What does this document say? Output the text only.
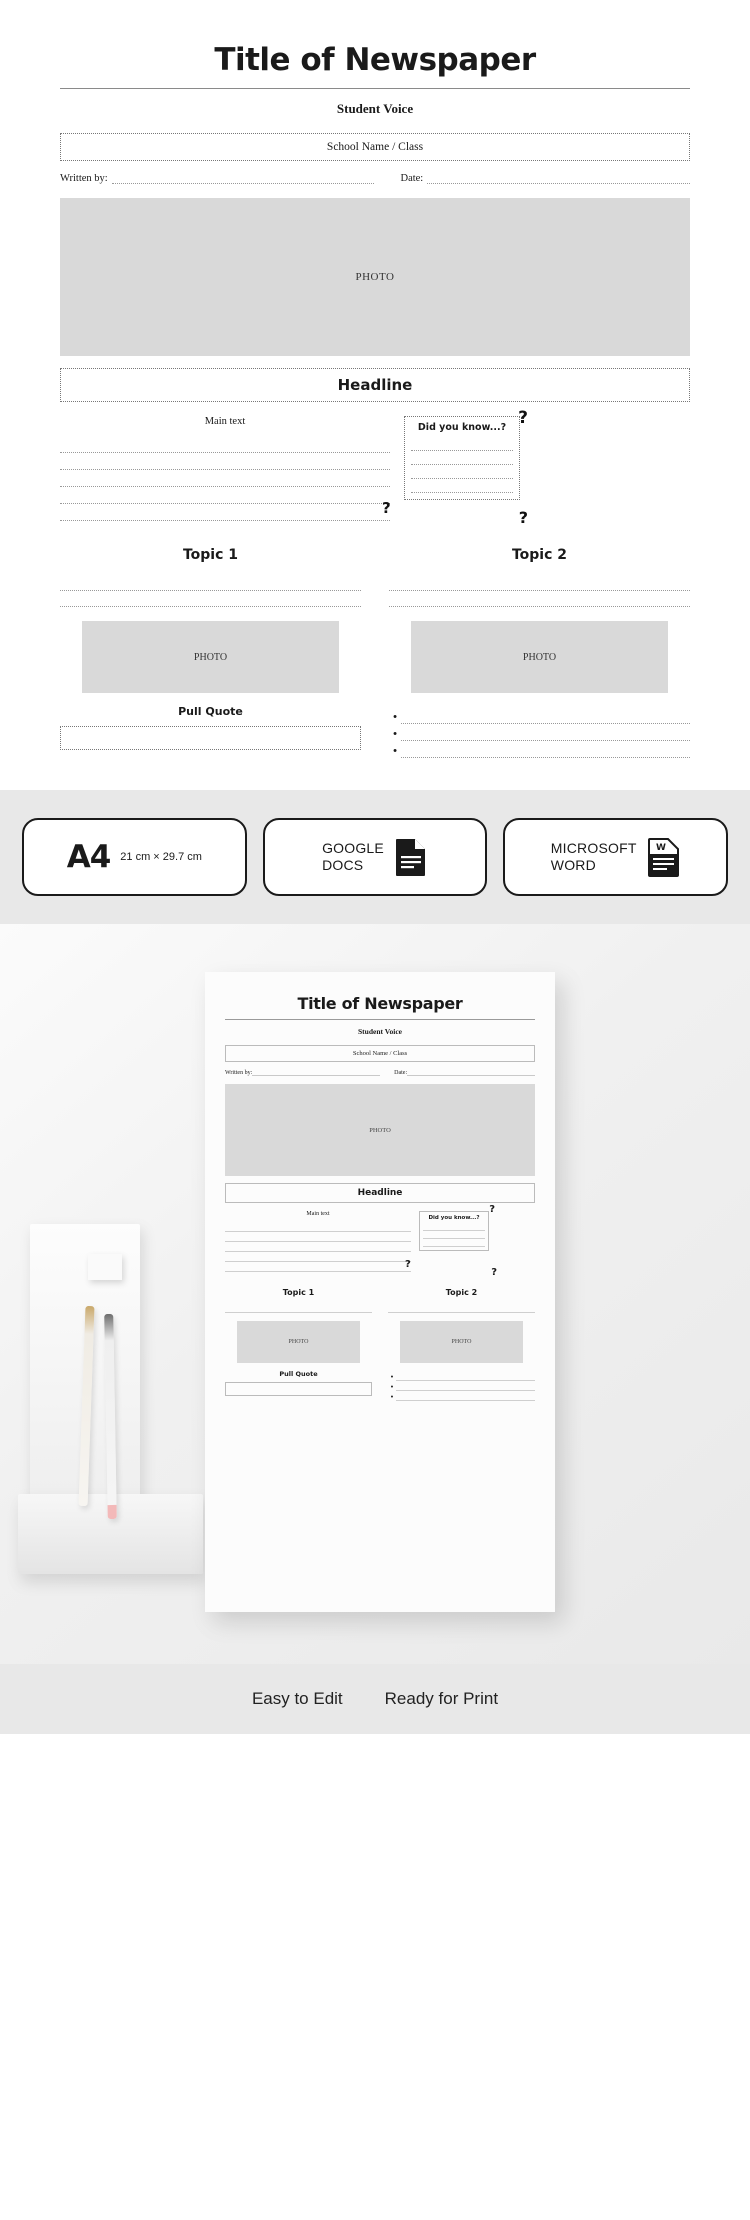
Title of Newspaper
Student Voice
School Name / Class
Written by:	Date:
PHOTO
Headline
Main text	?
?	?
Did you know...?
Topic 1
PHOTO
Pull Quote
Topic 2
PHOTO
•
•
•
A4 21 cm × 29.7 cm
GOOGLE
DOCS
MICROSOFT
WORD
W
Title of Newspaper
Student Voice
School Name / Class
Written by:	Date:
PHOTO
Headline
Main text	?
?
?
Did you know...?
Topic 1
PHOTO
Pull Quote
Topic 2
PHOTO
•
•
•
Easy to Edit Ready for Print
